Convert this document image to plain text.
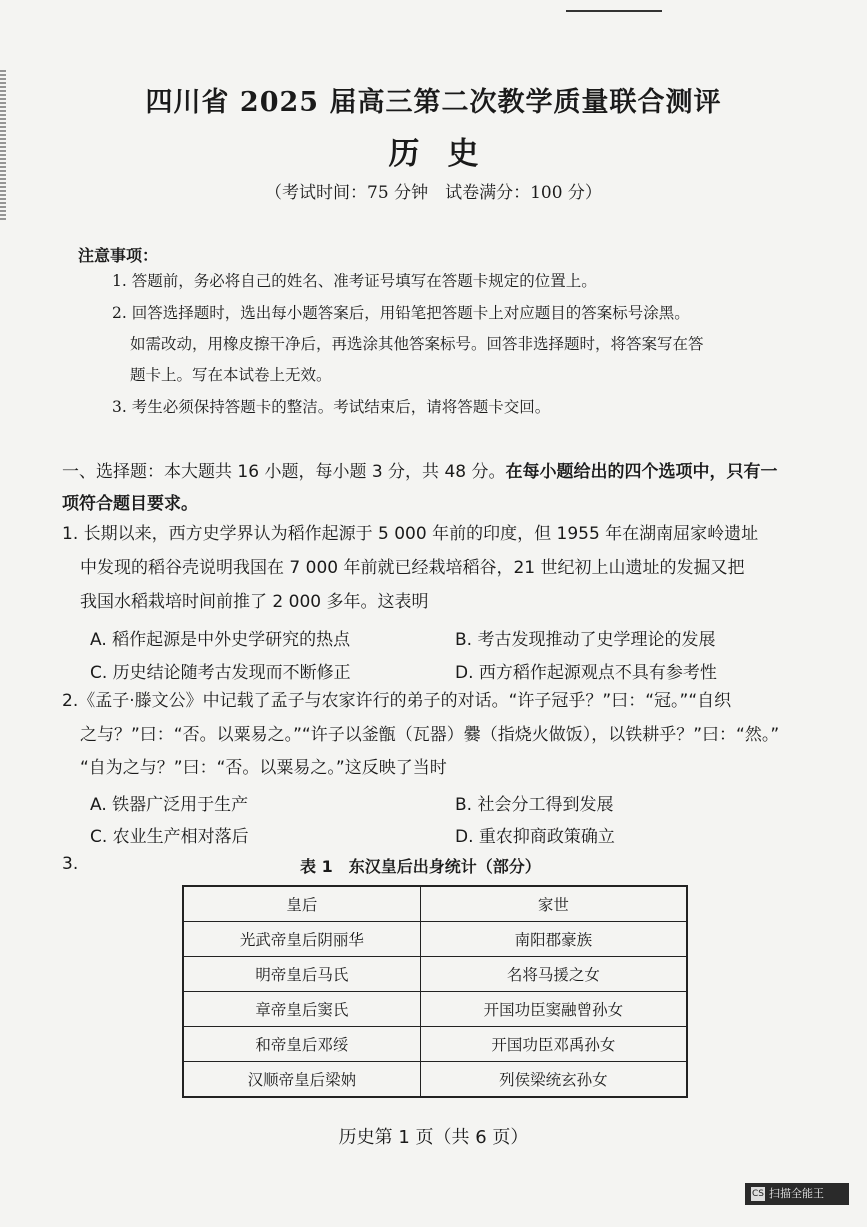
四川省 2025 届高三第二次教学质量联合测评
历史
（考试时间：75 分钟　试卷满分：100 分）
注意事项：
1. 答题前，务必将自己的姓名、准考证号填写在答题卡规定的位置上。
2. 回答选择题时，选出每小题答案后，用铅笔把答题卡上对应题目的答案标号涂黑。
如需改动，用橡皮擦干净后，再选涂其他答案标号。回答非选择题时，将答案写在答
题卡上。写在本试卷上无效。
3. 考生必须保持答题卡的整洁。考试结束后，请将答题卡交回。
一、选择题：本大题共 16 小题，每小题 3 分，共 48 分。在每小题给出的四个选项中，只有一项符合题目要求。
1. 长期以来，西方史学界认为稻作起源于 5 000 年前的印度，但 1955 年在湖南屈家岭遗址
中发现的稻谷壳说明我国在 7 000 年前就已经栽培稻谷，21 世纪初上山遗址的发掘又把
我国水稻栽培时间前推了 2 000 多年。这表明
A. 稻作起源是中外史学研究的热点	B. 考古发现推动了史学理论的发展
C. 历史结论随考古发现而不断修正	D. 西方稻作起源观点不具有参考性
2.《孟子·滕文公》中记载了孟子与农家许行的弟子的对话。“许子冠乎？”曰：“冠。”“自织
之与？”曰：“否。以粟易之。”“许子以釜甑（瓦器）爨（指烧火做饭），以铁耕乎？”曰：“然。”
“自为之与？”曰：“否。以粟易之。”这反映了当时
A. 铁器广泛用于生产	B. 社会分工得到发展
C. 农业生产相对落后	D. 重农抑商政策确立
3.	表 1　东汉皇后出身统计（部分）
皇后	家世
光武帝皇后阴丽华	南阳郡豪族
明帝皇后马氏	名将马援之女
章帝皇后窦氏	开国功臣窦融曾孙女
和帝皇后邓绥	开国功臣邓禹孙女
汉顺帝皇后梁妠	列侯梁统玄孙女
历史第 1 页（共 6 页）
CS 扫描全能王
